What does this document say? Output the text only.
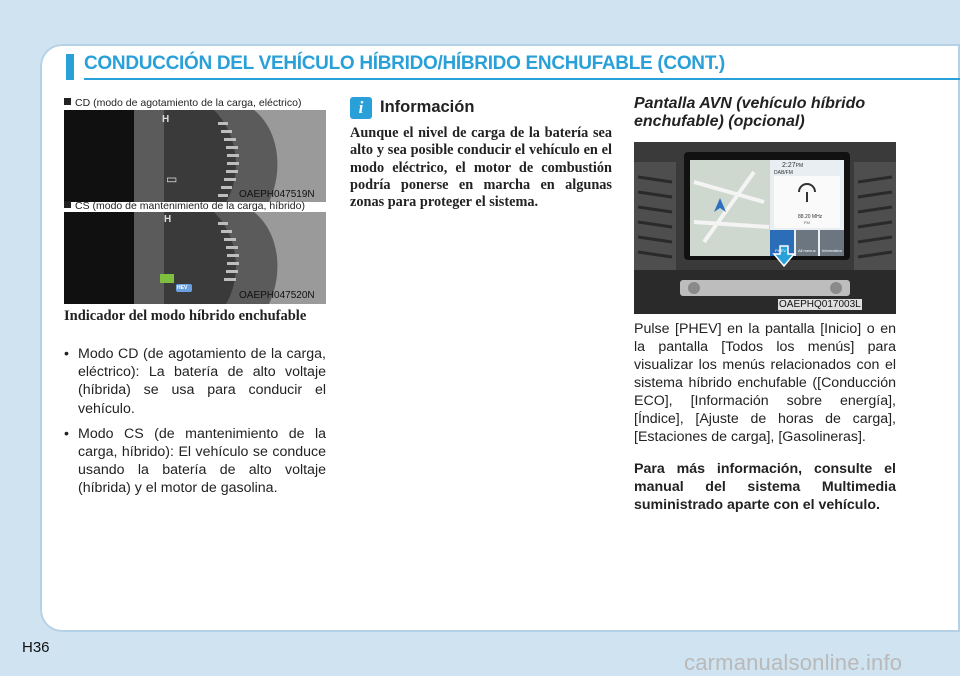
CONDUCCIÓN DEL VEHÍCULO HÍBRIDO/HÍBRIDO ENCHUFABLE (CONT.)
CD (modo de agotamiento de la carga, eléctrico)
H
▭
OAEPH047519N
CS (modo de mantenimiento de la carga, híbrido)
H
HEV
OAEPH047520N
Indicador del modo híbrido enchufable
• Modo CD (de agotamiento de la carga, eléctrico): La batería de alto voltaje (híbrida) se usa para conducir el vehículo.
• Modo CS (de mantenimiento de la carga, híbrido): El vehículo se conduce usando la batería de alto voltaje (híbrida) y el motor de gasolina.
i	Información

Aunque el nivel de carga de la batería sea alto y sea posible conducir el vehículo en el modo eléctrico, el motor de combustión podría ponerse en marcha en algunas zonas para proteger el sistema.

Pantalla AVN (vehículo híbrido enchufable) (opcional)

2:27PM
DAB/FM
88.20 MHz
FM
PHEV	All menus Information
OAEPHQ017003L

Pulse [PHEV] en la pantalla [Inicio] o en la pantalla [Todos los menús] para visualizar los menús relacionados con el sistema híbrido enchufable ([Conducción ECO], [Información sobre energía], [Índice], [Ajuste de horas de carga], [Estaciones de carga], [Gasolineras].

Para más información, consulte el manual del sistema Multimedia suministrado aparte con el vehículo.

H36
carmanualsonline.info
